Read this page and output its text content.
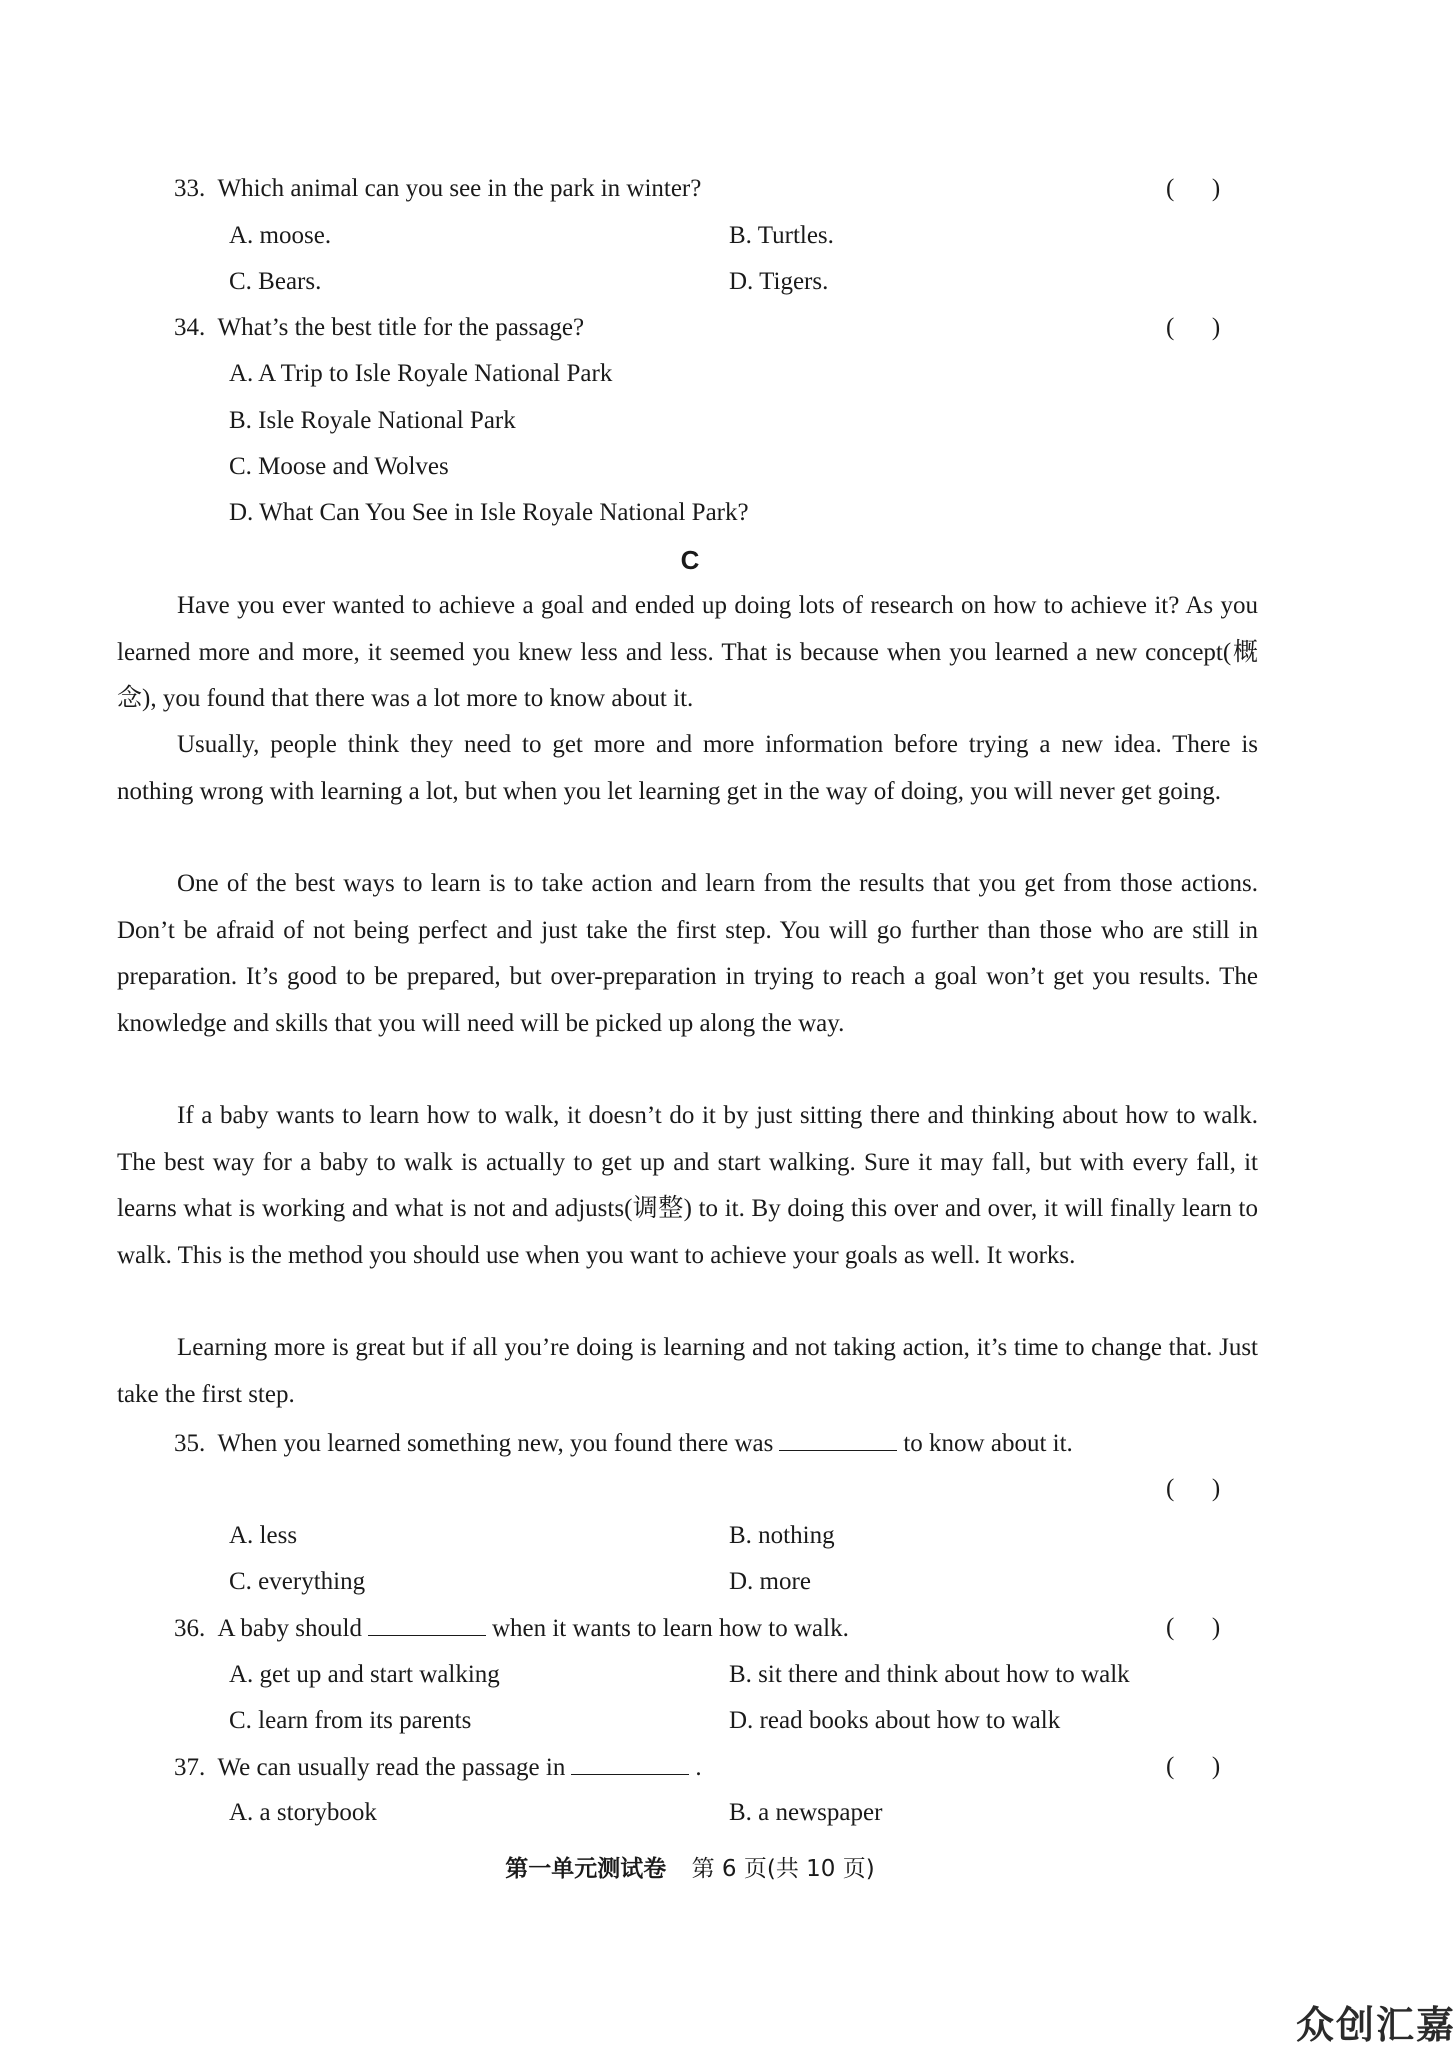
33. Which animal can you see in the park in winter?	(      )
A. moose.	B. Turtles.
C. Bears.	D. Tigers.
34. What’s the best title for the passage?	(      )
A. A Trip to Isle Royale National Park
B. Isle Royale National Park
C. Moose and Wolves
D. What Can You See in Isle Royale National Park?
C
Have you ever wanted to achieve a goal and ended up doing lots of research on how to achieve it? As you learned more and more, it seemed you knew less and less. That is because when you learned a new concept(概念), you found that there was a lot more to know about it.
Usually, people think they need to get more and more information before trying a new idea. There is nothing wrong with learning a lot, but when you let learning get in the way of doing, you will never get going.
One of the best ways to learn is to take action and learn from the results that you get from those actions. Don’t be afraid of not being perfect and just take the first step. You will go further than those who are still in preparation. It’s good to be prepared, but over-preparation in trying to reach a goal won’t get you results. The knowledge and skills that you will need will be picked up along the way.
If a baby wants to learn how to walk, it doesn’t do it by just sitting there and thinking about how to walk. The best way for a baby to walk is actually to get up and start walking. Sure it may fall, but with every fall, it learns what is working and what is not and adjusts(调整) to it. By doing this over and over, it will finally learn to walk. This is the method you should use when you want to achieve your goals as well. It works.
Learning more is great but if all you’re doing is learning and not taking action, it’s time to change that. Just take the first step.
35. When you learned something new, you found there was	to know about it.
(      )
A. less	B. nothing
C. everything	D. more
36. A baby should	when it wants to learn how to walk.	(      )
A. get up and start walking	B. sit there and think about how to walk
C. learn from its parents	D. read books about how to walk
37. We can usually read the passage in	.	(      )
A. a storybook	B. a newspaper
第一单元测试卷 第 6 页(共 10 页)
众创汇嘉
